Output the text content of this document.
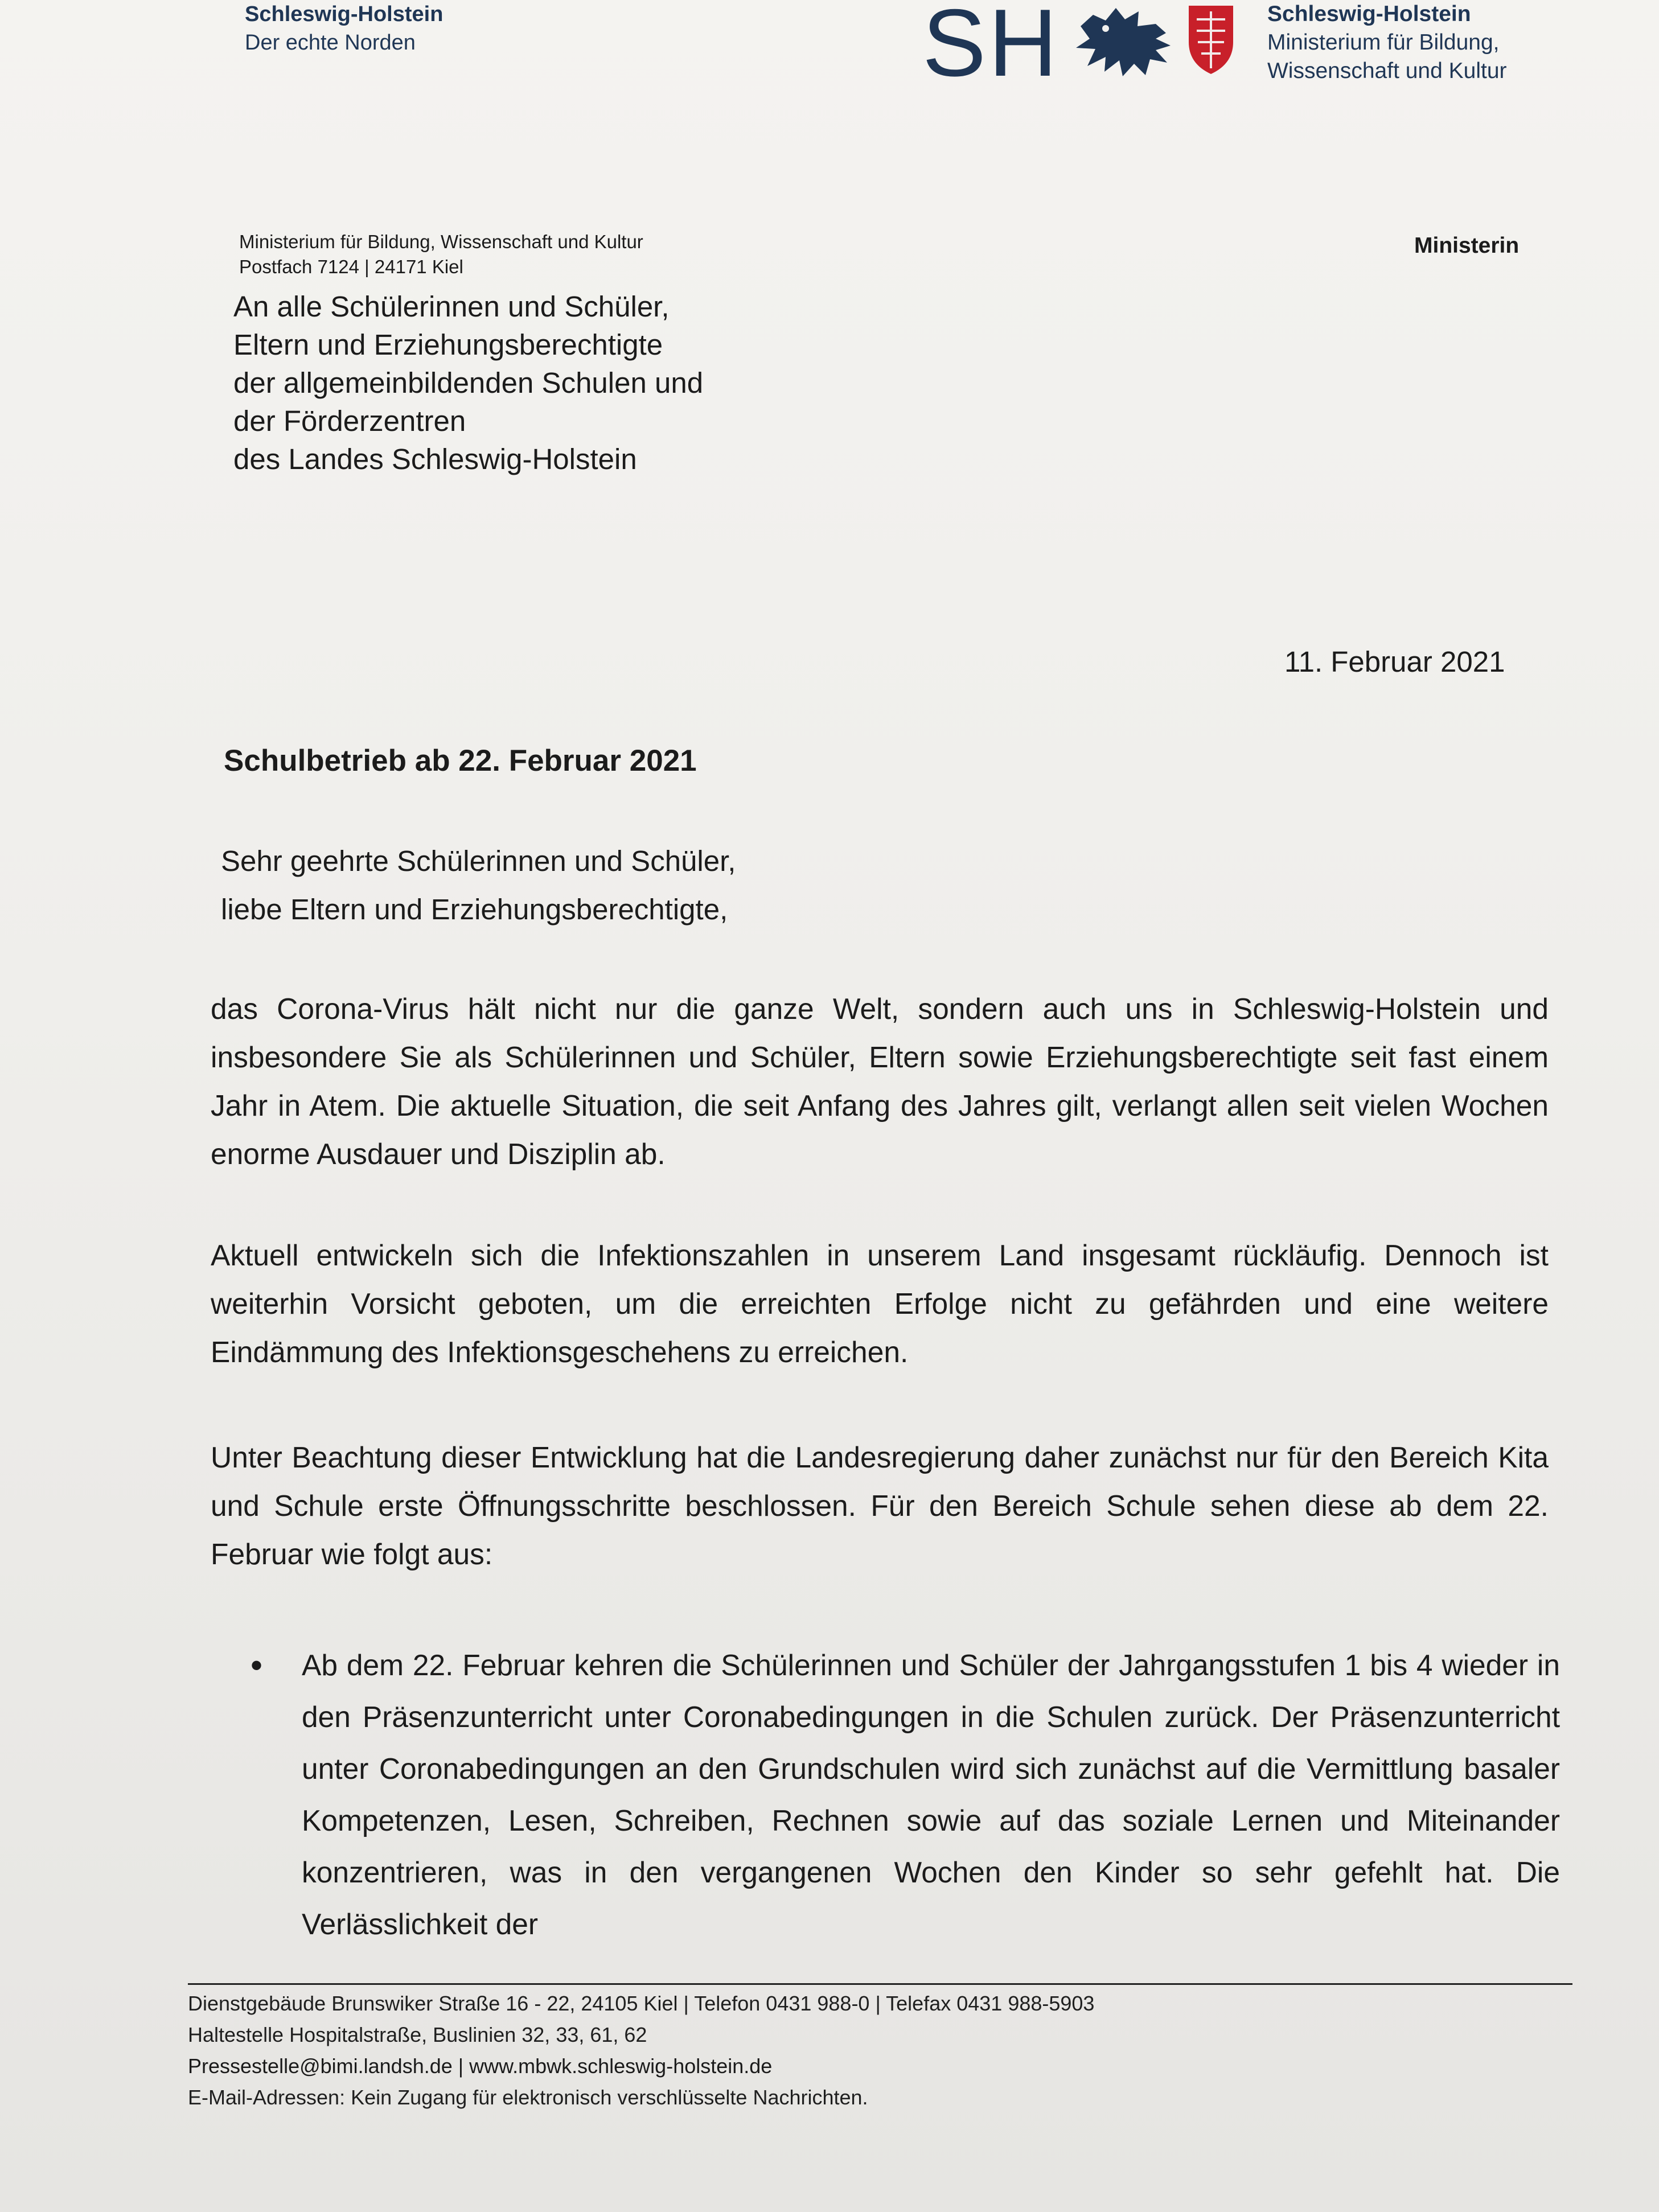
Schleswig-Holstein
Der echte Norden	SH	Schleswig-Holstein
Ministerium für Bildung,
Wissenschaft und Kultur
Ministerium für Bildung, Wissenschaft und Kultur
Postfach 7124 | 24171 Kiel
Ministerin
An alle Schülerinnen und Schüler,
Eltern und Erziehungsberechtigte
der allgemeinbildenden Schulen und
der Förderzentren
des Landes Schleswig-Holstein
11. Februar 2021
Schulbetrieb ab 22. Februar 2021
Sehr geehrte Schülerinnen und Schüler,
liebe Eltern und Erziehungsberechtigte,
das Corona-Virus hält nicht nur die ganze Welt, sondern auch uns in Schleswig-Holstein und insbesondere Sie als Schülerinnen und Schüler, Eltern sowie Erziehungsberechtigte seit fast einem Jahr in Atem. Die aktuelle Situation, die seit Anfang des Jahres gilt, verlangt allen seit vielen Wochen enorme Ausdauer und Disziplin ab.
Aktuell entwickeln sich die Infektionszahlen in unserem Land insgesamt rückläufig. Dennoch ist weiterhin Vorsicht geboten, um die erreichten Erfolge nicht zu gefährden und eine weitere Eindämmung des Infektionsgeschehens zu erreichen.
Unter Beachtung dieser Entwicklung hat die Landesregierung daher zunächst nur für den Bereich Kita und Schule erste Öffnungsschritte beschlossen. Für den Bereich Schule sehen diese ab dem 22. Februar wie folgt aus:
• Ab dem 22. Februar kehren die Schülerinnen und Schüler der Jahrgangsstufen 1 bis 4 wieder in den Präsenzunterricht unter Coronabedingungen in die Schulen zurück. Der Präsenzunterricht unter Coronabedingungen an den Grundschulen wird sich zunächst auf die Vermittlung basaler Kompetenzen, Lesen, Schreiben, Rechnen sowie auf das soziale Lernen und Miteinander konzentrieren, was in den vergangenen Wochen den Kinder so sehr gefehlt hat. Die Verlässlichkeit der
Dienstgebäude Brunswiker Straße 16 - 22, 24105 Kiel | Telefon 0431 988-0 | Telefax 0431 988-5903
Haltestelle Hospitalstraße, Buslinien 32, 33, 61, 62
Pressestelle@bimi.landsh.de | www.mbwk.schleswig-holstein.de
E-Mail-Adressen: Kein Zugang für elektronisch verschlüsselte Nachrichten.
